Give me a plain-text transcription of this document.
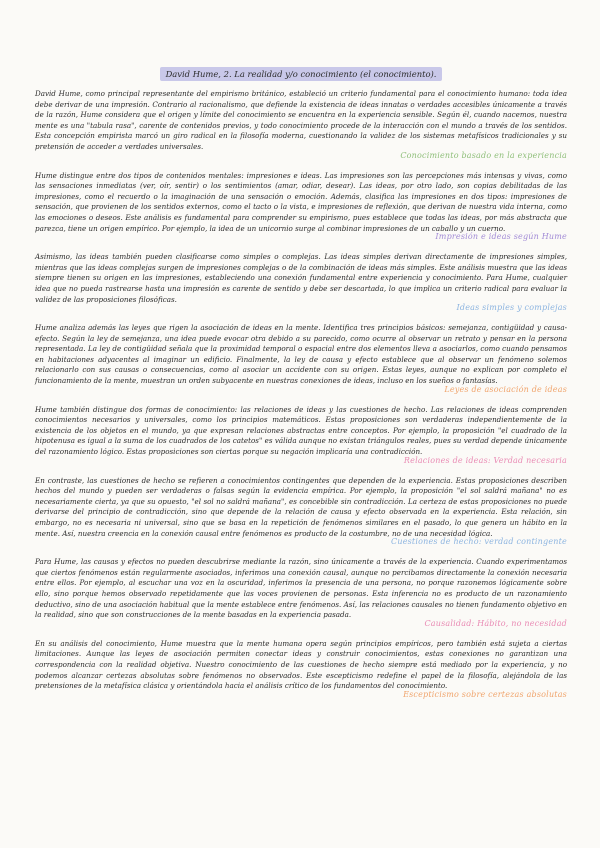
David Hume, 2. La realidad y/o conocimiento (el conocimiento).

David Hume, como principal representante del empirismo británico, estableció un criterio fundamental para el conocimiento humano: toda idea debe derivar de una impresión. Contrario al racionalismo, que defiende la existencia de ideas innatas o verdades accesibles únicamente a través de la razón, Hume considera que el origen y límite del conocimiento se encuentra en la experiencia sensible. Según él, cuando nacemos, nuestra mente es una "tabula rasa", carente de contenidos previos, y todo conocimiento procede de la interacción con el mundo a través de los sentidos. Esta concepción empirista marcó un giro radical en la filosofía moderna, cuestionando la validez de los sistemas metafísicos tradicionales y su pretensión de acceder a verdades universales.

Conocimiento basado en la experiencia

Hume distingue entre dos tipos de contenidos mentales: impresiones e ideas. Las impresiones son las percepciones más intensas y vivas, como las sensaciones inmediatas (ver, oír, sentir) o los sentimientos (amar, odiar, desear). Las ideas, por otro lado, son copias debilitadas de las impresiones, como el recuerdo o la imaginación de una sensación o emoción. Además, clasifica las impresiones en dos tipos: impresiones de sensación, que provienen de los sentidos externos, como el tacto o la vista, e impresiones de reflexión, que derivan de nuestra vida interna, como las emociones o deseos. Este análisis es fundamental para comprender su empirismo, pues establece que todas las ideas, por más abstracta que parezca, tiene un origen empírico. Por ejemplo, la idea de un unicornio surge al combinar impresiones de un caballo y un cuerno.

Impresión e ideas según Hume

Asimismo, las ideas también pueden clasificarse como simples o complejas. Las ideas simples derivan directamente de impresiones simples, mientras que las ideas complejas surgen de impresiones complejas o de la combinación de ideas más simples. Este análisis muestra que las ideas siempre tienen su origen en las impresiones, estableciendo una conexión fundamental entre experiencia y conocimiento. Para Hume, cualquier idea que no pueda rastrearse hasta una impresión es carente de sentido y debe ser descartada, lo que implica un criterio radical para evaluar la validez de las proposiciones filosóficas.

Ideas simples y complejas

Hume analiza además las leyes que rigen la asociación de ideas en la mente. Identifica tres principios básicos: semejanza, contigüidad y causa-efecto. Según la ley de semejanza, una idea puede evocar otra debido a su parecido, como ocurre al observar un retrato y pensar en la persona representada. La ley de contigüidad señala que la proximidad temporal o espacial entre dos elementos lleva a asociarlos, como cuando pensamos en habitaciones adyacentes al imaginar un edificio. Finalmente, la ley de causa y efecto establece que al observar un fenómeno solemos relacionarlo con sus causas o consecuencias, como al asociar un accidente con su origen. Estas leyes, aunque no explican por completo el funcionamiento de la mente, muestran un orden subyacente en nuestras conexiones de ideas, incluso en los sueños o fantasías.

Leyes de asociación de ideas

Hume también distingue dos formas de conocimiento: las relaciones de ideas y las cuestiones de hecho. Las relaciones de ideas comprenden conocimientos necesarios y universales, como los principios matemáticos. Estas proposiciones son verdaderas independientemente de la existencia de los objetos en el mundo, ya que expresan relaciones abstractas entre conceptos. Por ejemplo, la proposición "el cuadrado de la hipotenusa es igual a la suma de los cuadrados de los catetos" es válida aunque no existan triángulos reales, pues su verdad depende únicamente del razonamiento lógico. Estas proposiciones son ciertas porque su negación implicaría una contradicción.

Relaciones de ideas: Verdad necesaria

En contraste, las cuestiones de hecho se refieren a conocimientos contingentes que dependen de la experiencia. Estas proposiciones describen hechos del mundo y pueden ser verdaderas o falsas según la evidencia empírica. Por ejemplo, la proposición "el sol saldrá mañana" no es necesariamente cierta, ya que su opuesto, "el sol no saldrá mañana", es concebible sin contradicción. La certeza de estas proposiciones no puede derivarse del principio de contradicción, sino que depende de la relación de causa y efecto observada en la experiencia. Esta relación, sin embargo, no es necesaria ni universal, sino que se basa en la repetición de fenómenos similares en el pasado, lo que genera un hábito en la mente. Así, nuestra creencia en la conexión causal entre fenómenos es producto de la costumbre, no de una necesidad lógica.

Cuestiones de hecho: verdad contingente

Para Hume, las causas y efectos no pueden descubrirse mediante la razón, sino únicamente a través de la experiencia. Cuando experimentamos que ciertos fenómenos están regularmente asociados, inferimos una conexión causal, aunque no percibamos directamente la conexión necesaria entre ellos. Por ejemplo, al escuchar una voz en la oscuridad, inferimos la presencia de una persona, no porque razonemos lógicamente sobre ello, sino porque hemos observado repetidamente que las voces provienen de personas. Esta inferencia no es producto de un razonamiento deductivo, sino de una asociación habitual que la mente establece entre fenómenos. Así, las relaciones causales no tienen fundamento objetivo en la realidad, sino que son construcciones de la mente basadas en la experiencia pasada.

Causalidad: Hábito, no necesidad

En su análisis del conocimiento, Hume muestra que la mente humana opera según principios empíricos, pero también está sujeta a ciertas limitaciones. Aunque las leyes de asociación permiten conectar ideas y construir conocimientos, estas conexiones no garantizan una correspondencia con la realidad objetiva. Nuestro conocimiento de las cuestiones de hecho siempre está mediado por la experiencia, y no podemos alcanzar certezas absolutas sobre fenómenos no observados. Este escepticismo redefine el papel de la filosofía, alejándola de las pretensiones de la metafísica clásica y orientándola hacia el análisis crítico de los fundamentos del conocimiento.

Escepticismo sobre certezas absolutas
